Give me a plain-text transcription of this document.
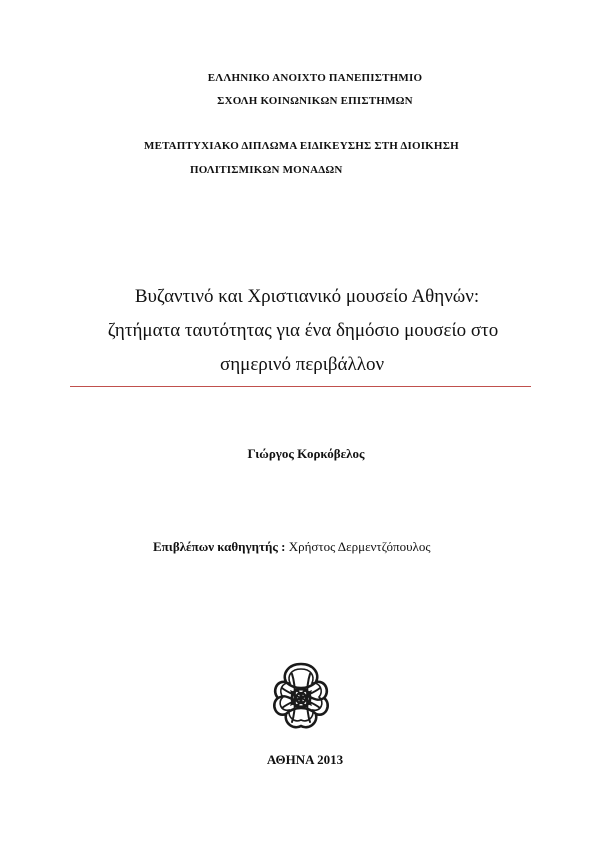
ΕΛΛΗΝΙΚΟ ΑΝΟΙΧΤΟ ΠΑΝΕΠΙΣΤΗΜΙΟ
ΣΧΟΛΗ ΚΟΙΝΩΝΙΚΩΝ ΕΠΙΣΤΗΜΩΝ
ΜΕΤΑΠΤΥΧΙΑΚΟ ΔΙΠΛΩΜΑ ΕΙΔΙΚΕΥΣΗΣ ΣΤΗ ΔΙΟΙΚΗΣΗ
ΠΟΛΙΤΙΣΜΙΚΩΝ ΜΟΝΑΔΩΝ
Βυζαντινό και Χριστιανικό μουσείο Αθηνών:
ζητήματα ταυτότητας για ένα δημόσιο μουσείο στο
σημερινό περιβάλλον
Γιώργος Κορκόβελος
Επιβλέπων καθηγητής : Χρήστος Δερμεντζόπουλος
ΑΘΗΝΑ 2013
